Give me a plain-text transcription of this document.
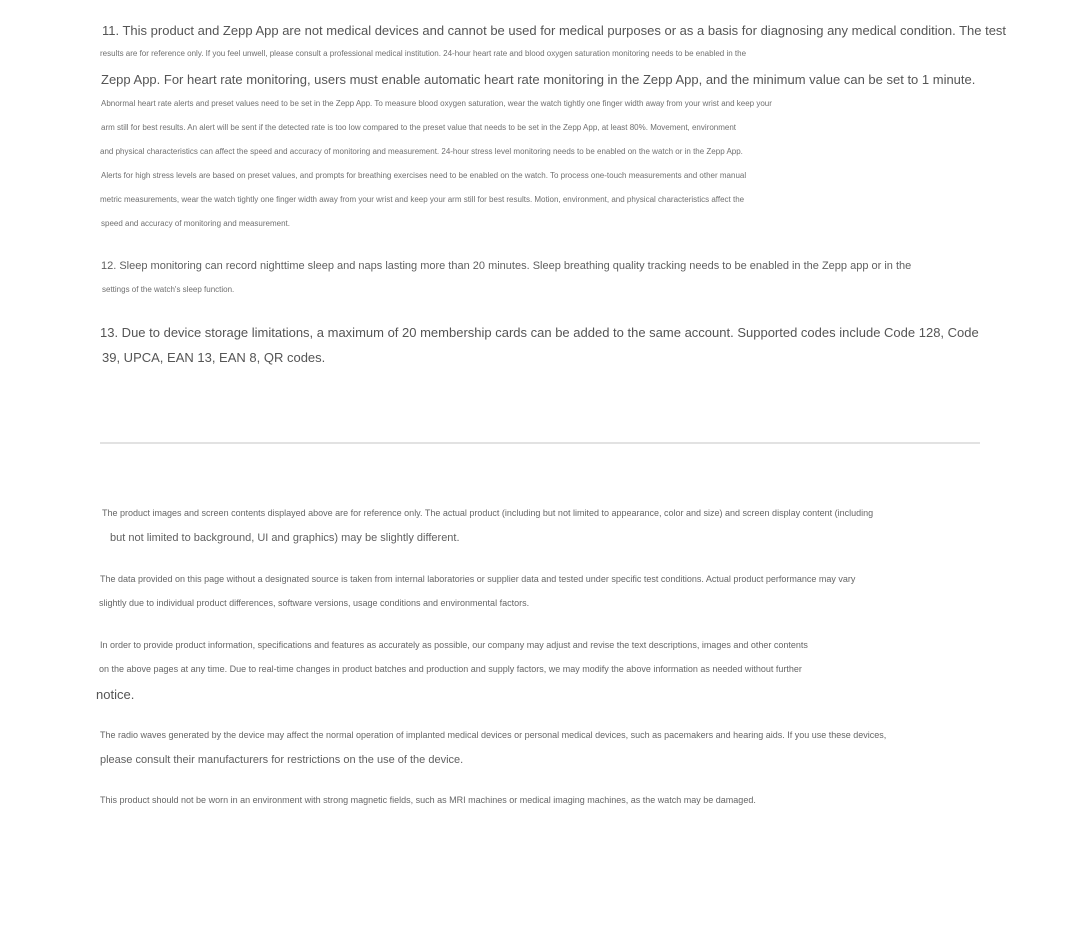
11. This product and Zepp App are not medical devices and cannot be used for medical purposes or as a basis for diagnosing any medical condition. The test
results are for reference only. If you feel unwell, please consult a professional medical institution. 24-hour heart rate and blood oxygen saturation monitoring needs to be enabled in the
Zepp App. For heart rate monitoring, users must enable automatic heart rate monitoring in the Zepp App, and the minimum value can be set to 1 minute.
Abnormal heart rate alerts and preset values need to be set in the Zepp App. To measure blood oxygen saturation, wear the watch tightly one finger width away from your wrist and keep your
arm still for best results. An alert will be sent if the detected rate is too low compared to the preset value that needs to be set in the Zepp App, at least 80%. Movement, environment
and physical characteristics can affect the speed and accuracy of monitoring and measurement. 24-hour stress level monitoring needs to be enabled on the watch or in the Zepp App.
Alerts for high stress levels are based on preset values, and prompts for breathing exercises need to be enabled on the watch. To process one-touch measurements and other manual
metric measurements, wear the watch tightly one finger width away from your wrist and keep your arm still for best results. Motion, environment, and physical characteristics affect the
speed and accuracy of monitoring and measurement.
12. Sleep monitoring can record nighttime sleep and naps lasting more than 20 minutes. Sleep breathing quality tracking needs to be enabled in the Zepp app or in the
settings of the watch's sleep function.
13. Due to device storage limitations, a maximum of 20 membership cards can be added to the same account. Supported codes include Code 128, Code
39, UPCA, EAN 13, EAN 8, QR codes.
The product images and screen contents displayed above are for reference only. The actual product (including but not limited to appearance, color and size) and screen display content (including
but not limited to background, UI and graphics) may be slightly different.
The data provided on this page without a designated source is taken from internal laboratories or supplier data and tested under specific test conditions. Actual product performance may vary
slightly due to individual product differences, software versions, usage conditions and environmental factors.
In order to provide product information, specifications and features as accurately as possible, our company may adjust and revise the text descriptions, images and other contents
on the above pages at any time. Due to real-time changes in product batches and production and supply factors, we may modify the above information as needed without further
notice.
The radio waves generated by the device may affect the normal operation of implanted medical devices or personal medical devices, such as pacemakers and hearing aids. If you use these devices,
please consult their manufacturers for restrictions on the use of the device.
This product should not be worn in an environment with strong magnetic fields, such as MRI machines or medical imaging machines, as the watch may be damaged.
